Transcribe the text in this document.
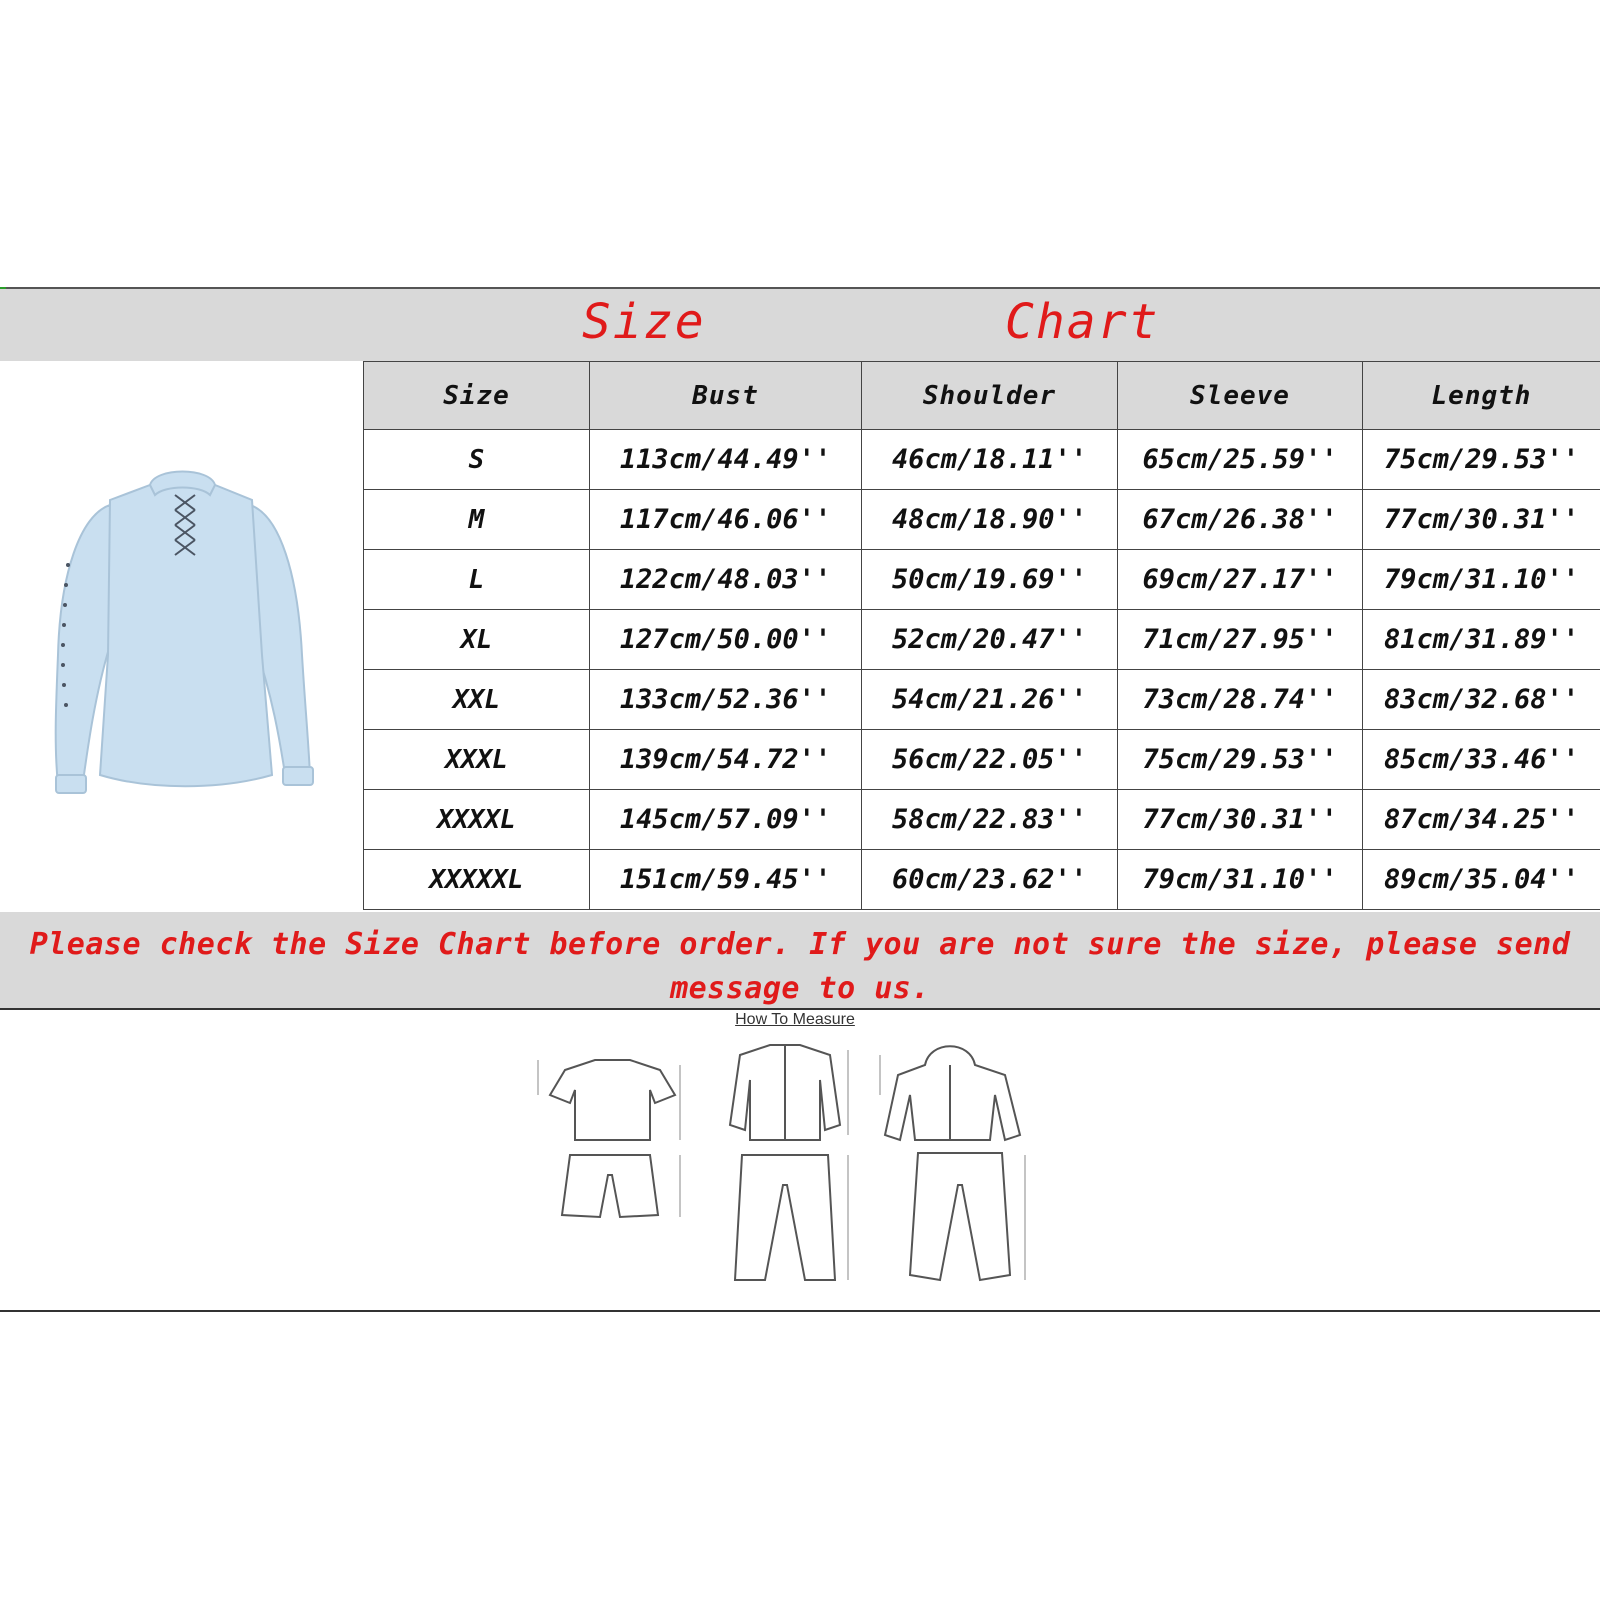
Size	Chart
Size	Bust	Shoulder	Sleeve	Length
S	113cm/44.49''	46cm/18.11''	65cm/25.59''	75cm/29.53''
M	117cm/46.06''	48cm/18.90''	67cm/26.38''	77cm/30.31''
L	122cm/48.03''	50cm/19.69''	69cm/27.17''	79cm/31.10''
XL	127cm/50.00''	52cm/20.47''	71cm/27.95''	81cm/31.89''
XXL	133cm/52.36''	54cm/21.26''	73cm/28.74''	83cm/32.68''
XXXL	139cm/54.72''	56cm/22.05''	75cm/29.53''	85cm/33.46''
XXXXL	145cm/57.09''	58cm/22.83''	77cm/30.31''	87cm/34.25''
XXXXXL	151cm/59.45''	60cm/23.62''	79cm/31.10''	89cm/35.04''
Please check the Size Chart before order. If you are not sure the size, please send message to us.
How To Measure
